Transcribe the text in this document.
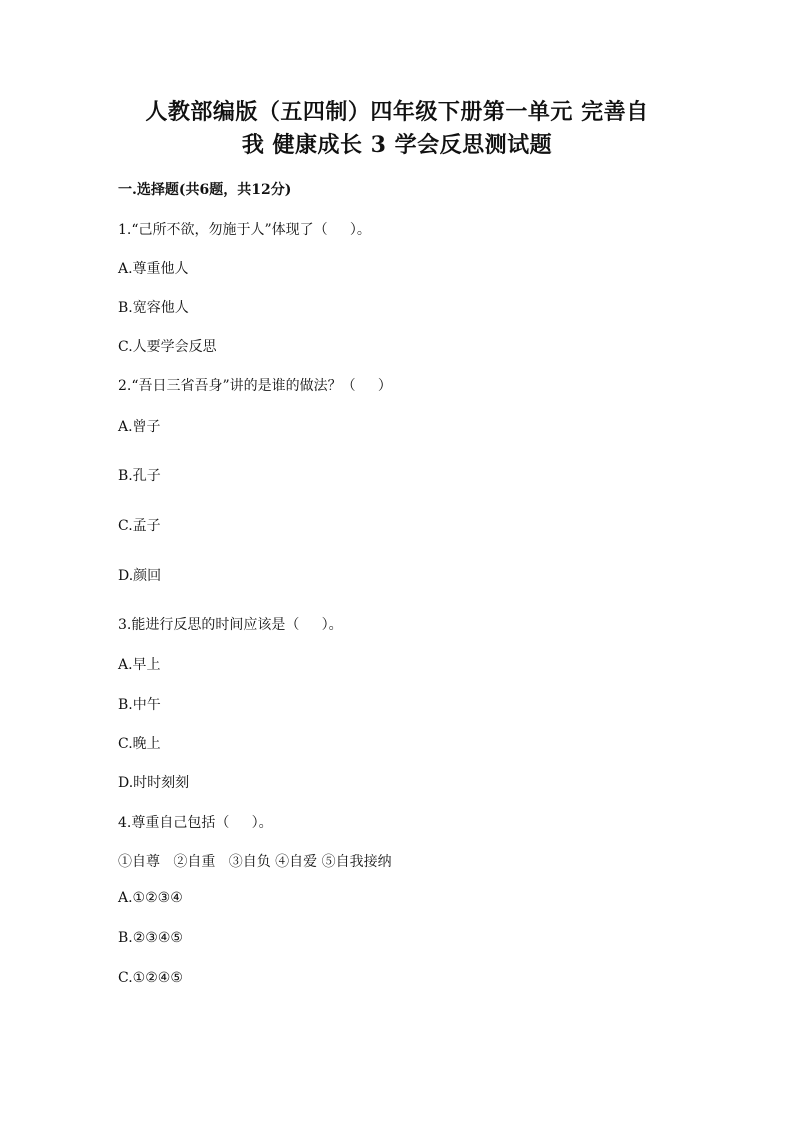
人教部编版（五四制）四年级下册第一单元 完善自
我 健康成长 3 学会反思测试题
一.选择题(共6题，共12分)
1.“己所不欲，勿施于人”体现了（     ）。
A.尊重他人
B.宽容他人
C.人要学会反思
2.“吾日三省吾身”讲的是谁的做法？（     ）
A.曾子
B.孔子
C.孟子
D.颜回
3.能进行反思的时间应该是（     ）。
A.早上
B.中午
C.晚上
D.时时刻刻
4.尊重自己包括（     ）。
①自尊   ②自重   ③自负 ④自爱 ⑤自我接纳
A.①②③④
B.②③④⑤
C.①②④⑤
